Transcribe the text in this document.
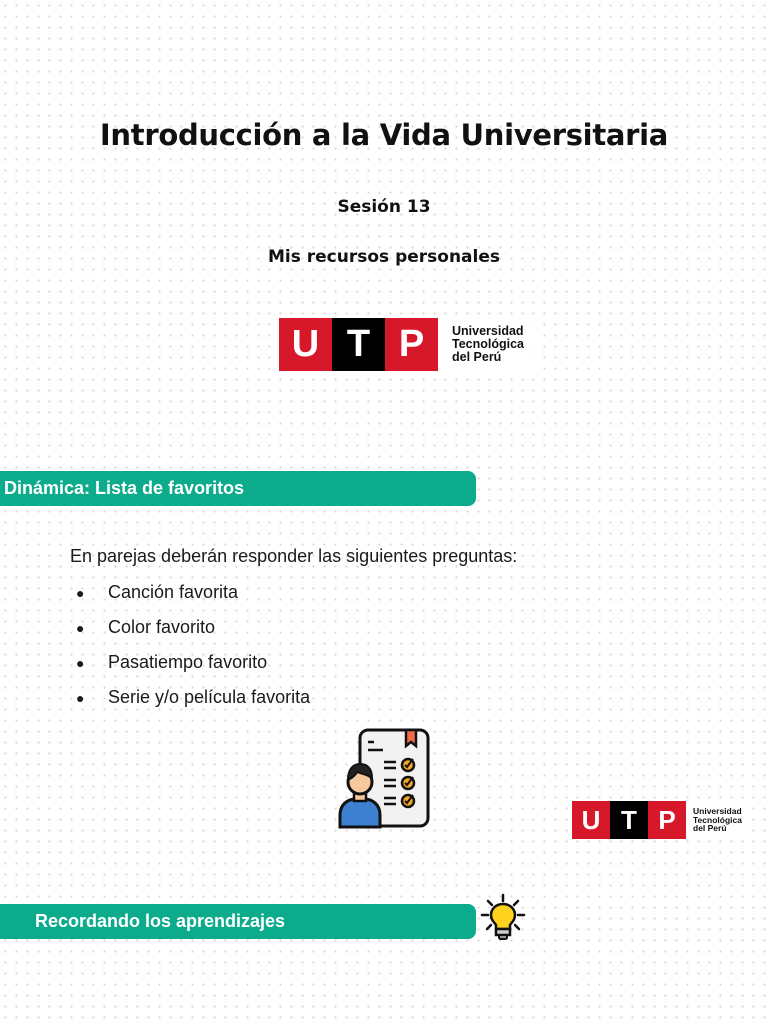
Introducción a la Vida Universitaria
Sesión 13
Mis recursos personales
U T P	Universidad
Tecnológica
del Perú
Dinámica: Lista de favoritos
En parejas deberán responder las siguientes preguntas:
●	Canción favorita
●	Color favorito
●	Pasatiempo favorito
●	Serie y/o película favorita
U T P	Universidad
Tecnológica
del Perú
Recordando los aprendizajes
